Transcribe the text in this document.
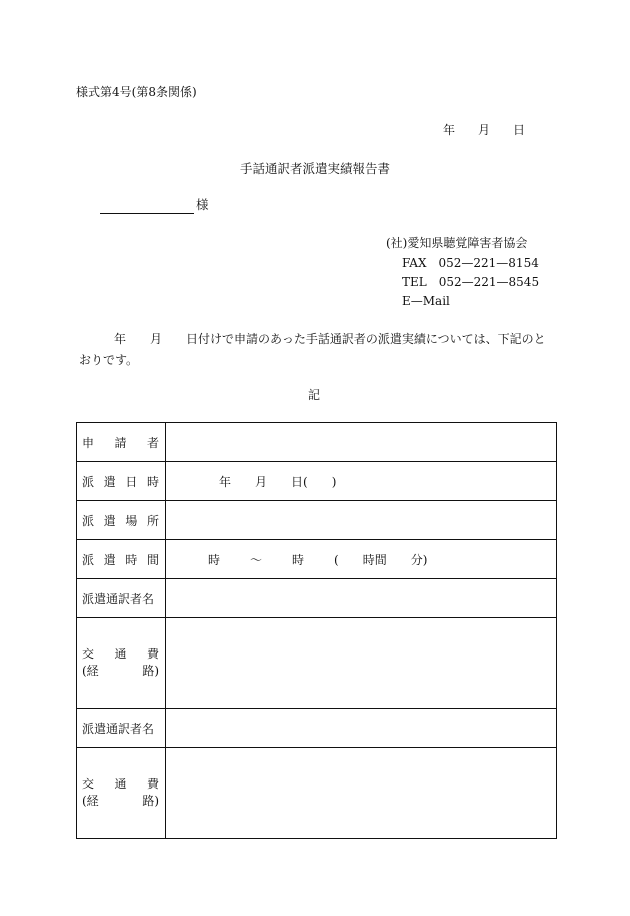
様式第4号(第8条関係)
年 月 日
手話通訳者派遣実績報告書
様
(社)愛知県聴覚障害者協会
FAX　052—221—8154
TEL　052—221—8545
E—Mail
年　　月　　日付けで申請のあった手話通訳者の派遣実績については、下記のとおりです。
記
申 請 者	

派 遣 日 時	年 月 日(　　)

派 遣 場 所	

派 遣 時 間	時 〜 時 ( 時間 分)

派遣通訳者名	

交 通 費
(経 路)	

派遣通訳者名	

交 通 費
(経 路)	
